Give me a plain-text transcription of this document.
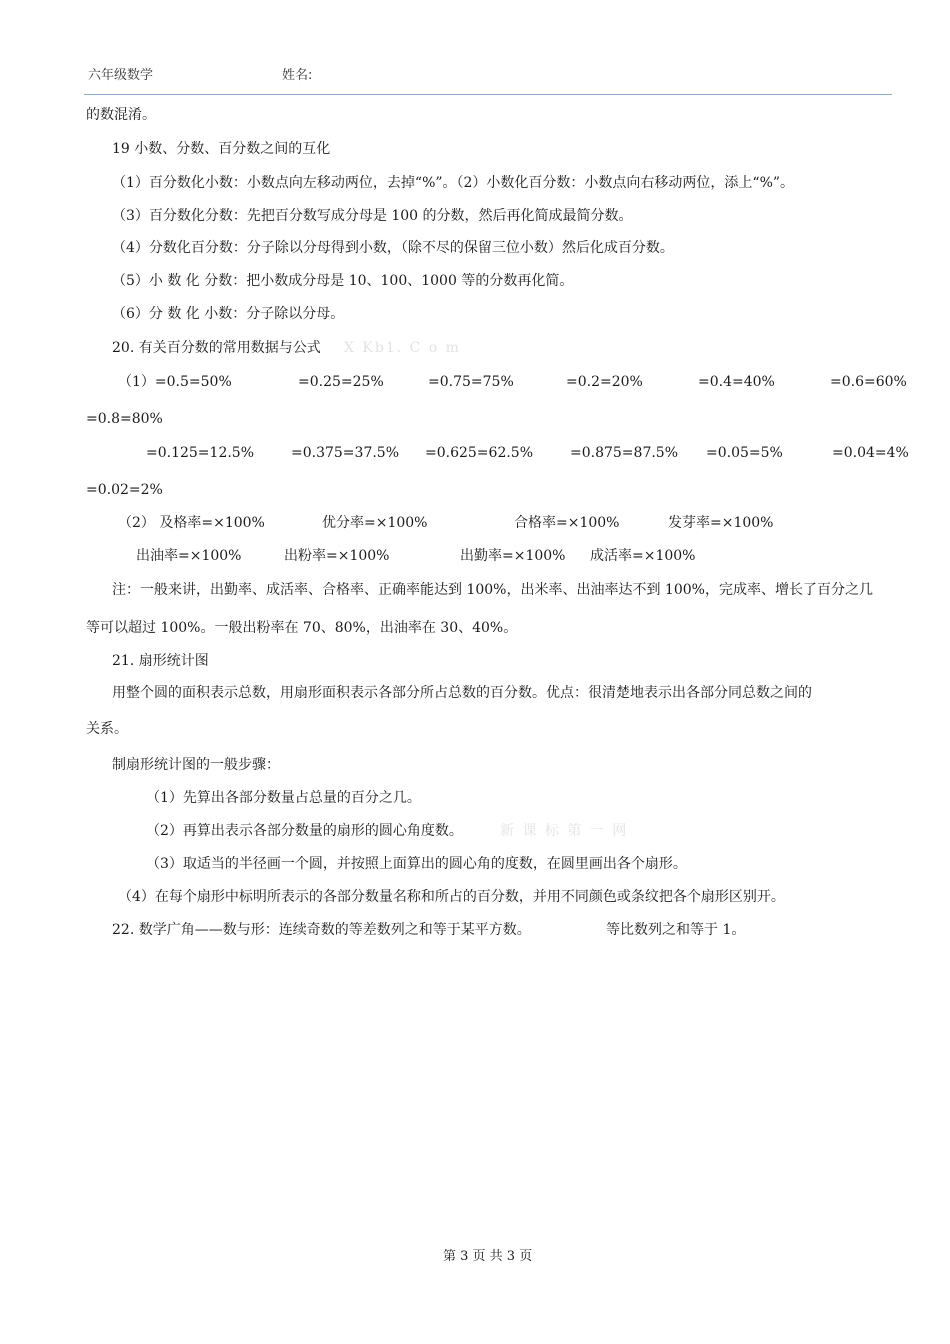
六年级数学	姓名:
的数混淆。
19 小数、分数、百分数之间的互化
（1）百分数化小数：小数点向左移动两位，去掉“%”。（2）小数化百分数：小数点向右移动两位，添上“%”。
（3）百分数化分数：先把百分数写成分母是 100 的分数，然后再化简成最简分数。
（4）分数化百分数：分子除以分母得到小数，（除不尽的保留三位小数）然后化成百分数。
（5）小 数 化 分数：把小数成分母是 10、100、1000 等的分数再化简。
（6）分 数 化 小数：分子除以分母。
20. 有关百分数的常用数据与公式 X Kb1. C o m
（1）=0.5=50%	=0.25=25%	=0.75=75%	=0.2=20%	=0.4=40%	=0.6=60%
=0.8=80%
=0.125=12.5%	=0.375=37.5% =0.625=62.5%	=0.875=87.5% =0.05=5%	=0.04=4%
=0.02=2%
（2） 及格率=×100%	优分率=×100%	合格率=×100%	发芽率=×100%
出油率=×100%	出粉率=×100%	出勤率=×100% 成活率=×100%
注：一般来讲，出勤率、成活率、合格率、正确率能达到 100%，出米率、出油率达不到 100%，完成率、增长了百分之几
等可以超过 100%。一般出粉率在 70、80%，出油率在 30、40%。
21. 扇形统计图
用整个圆的面积表示总数，用扇形面积表示各部分所占总数的百分数。优点：很清楚地表示出各部分同总数之间的
关系。
制扇形统计图的一般步骤：
（1）先算出各部分数量占总量的百分之几。
（2）再算出表示各部分数量的扇形的圆心角度数。	新 课 标 第 一 网
（3）取适当的半径画一个圆，并按照上面算出的圆心角的度数，在圆里画出各个扇形。
（4）在每个扇形中标明所表示的各部分数量名称和所占的百分数，并用不同颜色或条纹把各个扇形区别开。
22. 数学广角——数与形：连续奇数的等差数列之和等于某平方数。	等比数列之和等于 1。
第 3 页 共 3 页
